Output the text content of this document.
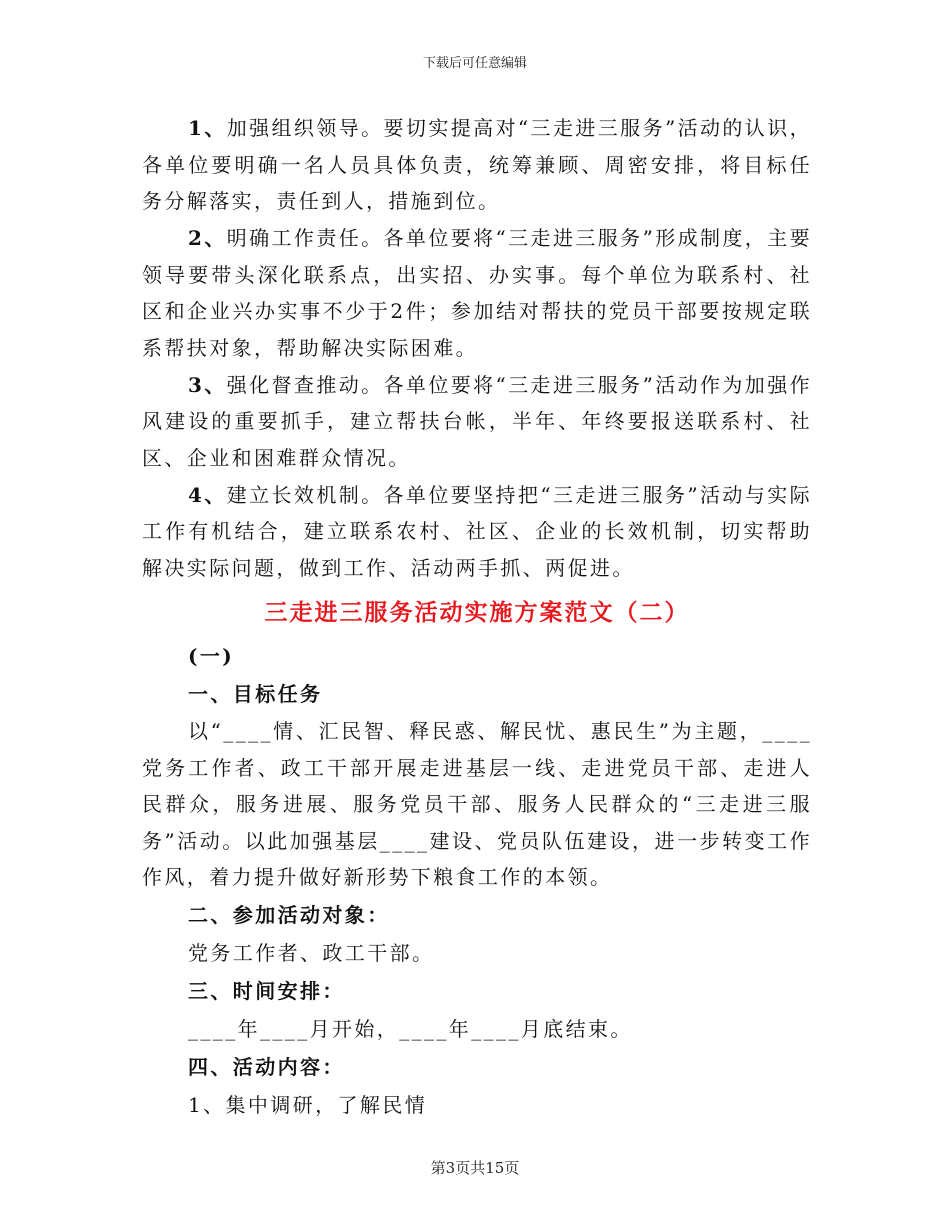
下载后可任意编辑

1、加强组织领导。要切实提高对“三走进三服务”活动的认识，各单位要明确一名人员具体负责，统筹兼顾、周密安排，将目标任务分解落实，责任到人，措施到位。

2、明确工作责任。各单位要将“三走进三服务”形成制度，主要领导要带头深化联系点，出实招、办实事。每个单位为联系村、社区和企业兴办实事不少于2件；参加结对帮扶的党员干部要按规定联系帮扶对象，帮助解决实际困难。

3、强化督查推动。各单位要将“三走进三服务”活动作为加强作风建设的重要抓手，建立帮扶台帐，半年、年终要报送联系村、社区、企业和困难群众情况。

4、建立长效机制。各单位要坚持把“三走进三服务”活动与实际工作有机结合，建立联系农村、社区、企业的长效机制，切实帮助解决实际问题，做到工作、活动两手抓、两促进。

三走进三服务活动实施方案范文（二）

(一)

一、目标任务

以“____情、汇民智、释民惑、解民忧、惠民生”为主题，____党务工作者、政工干部开展走进基层一线、走进党员干部、走进人民群众，服务进展、服务党员干部、服务人民群众的“三走进三服务”活动。以此加强基层____建设、党员队伍建设，进一步转变工作作风，着力提升做好新形势下粮食工作的本领。

二、参加活动对象：

党务工作者、政工干部。

三、时间安排：

____年____月开始，____年____月底结束。

四、活动内容：

1、集中调研，了解民情

第3页共15页
